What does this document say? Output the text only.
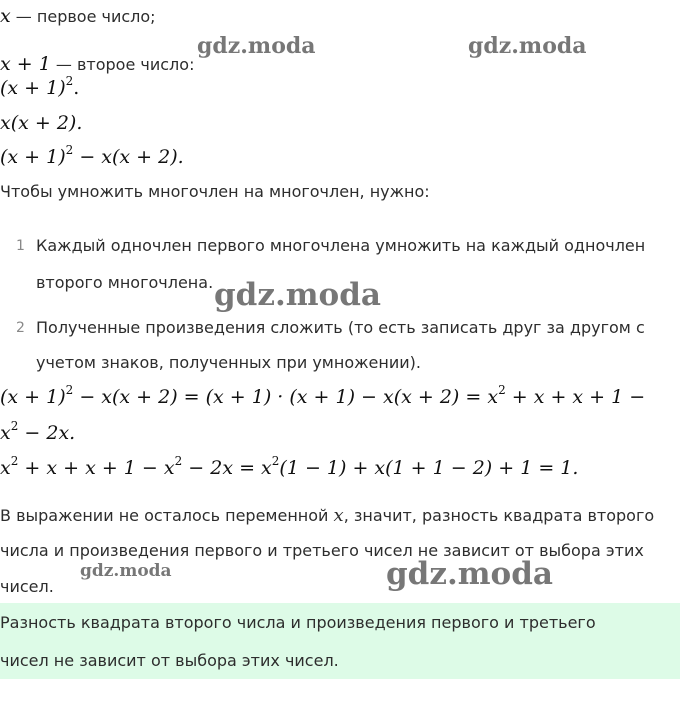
x — первое число;
x + 1 — второе число:
$(x + 1)^2$.
x(x + 2).
$(x + 1)^2 - x(x + 2)$.
Чтобы умножить многочлен на многочлен, нужно:
1 Каждый одночлен первого многочлена умножить на каждый одночлен
второго многочлена.
2 Полученные произведения сложить (то есть записать друг за другом с
учетом знаков, полученных при умножении).
$(x + 1)^2 - x(x + 2) = (x + 1) \cdot (x + 1) - x(x + 2) = x^2 + x + x + 1$ −
$x^2 - 2x$.
$x^2 + x + x + 1 - x^2 - 2x = x^2(1 - 1) + x(1 + 1 - 2) + 1 = 1$.
В выражении не осталось переменной x, значит, разность квадрата второго
числа и произведения первого и третьего чисел не зависит от выбора этих
чисел.
Разность квадрата второго числа и произведения первого и третьего
чисел не зависит от выбора этих чисел.
gdz.moda	gdz.moda
gdz.moda
gdz.moda	gdz.moda
